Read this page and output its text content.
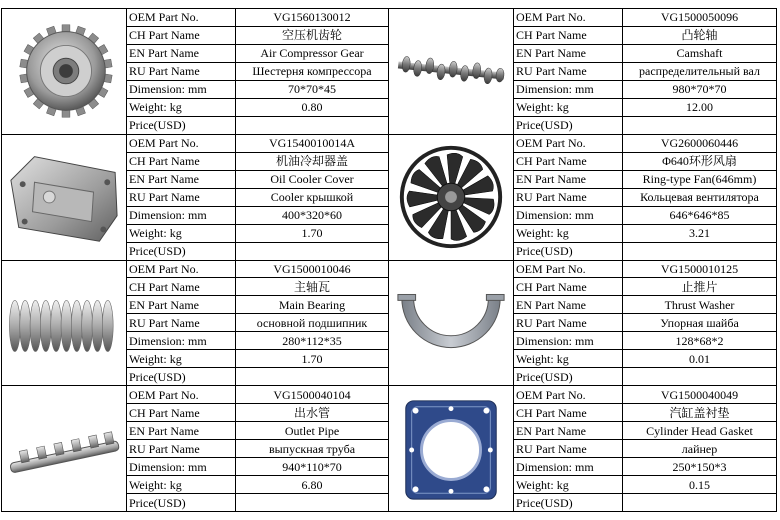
OEM Part No.	VG1560130012
CH Part Name	空压机齿轮
EN Part Name	Air Compressor Gear
RU Part Name	Шестерня компрессора
Dimension: mm	70*70*45
Weight: kg	0.80
Price(USD)
OEM Part No.	VG1500050096
CH Part Name	凸轮轴
EN Part Name	Camshaft
RU Part Name	распределительный вал
Dimension: mm	980*70*70
Weight: kg	12.00
Price(USD)
OEM Part No.	VG1540010014A
CH Part Name	机油冷却器盖
EN Part Name	Oil Cooler Cover
RU Part Name	Cooler крышкой
Dimension: mm	400*320*60
Weight: kg	1.70
Price(USD)
OEM Part No.	VG2600060446
CH Part Name	Φ640环形风扇
EN Part Name	Ring-type Fan(646mm)
RU Part Name	Кольцевая вентилятора
Dimension: mm	646*646*85
Weight: kg	3.21
Price(USD)
OEM Part No.	VG1500010046
CH Part Name	主轴瓦
EN Part Name	Main Bearing
RU Part Name	основной подшипник
Dimension: mm	280*112*35
Weight: kg	1.70
Price(USD)
OEM Part No.	VG1500010125
CH Part Name	止推片
EN Part Name	Thrust Washer
RU Part Name	Упорная шайба
Dimension: mm	128*68*2
Weight: kg	0.01
Price(USD)
OEM Part No.	VG1500040104
CH Part Name	出水管
EN Part Name	Outlet Pipe
RU Part Name	выпускная труба
Dimension: mm	940*110*70
Weight: kg	6.80
Price(USD)
OEM Part No.	VG1500040049
CH Part Name	汽缸盖衬垫
EN Part Name	Cylinder Head Gasket
RU Part Name	лайнер
Dimension: mm	250*150*3
Weight: kg	0.15
Price(USD)
